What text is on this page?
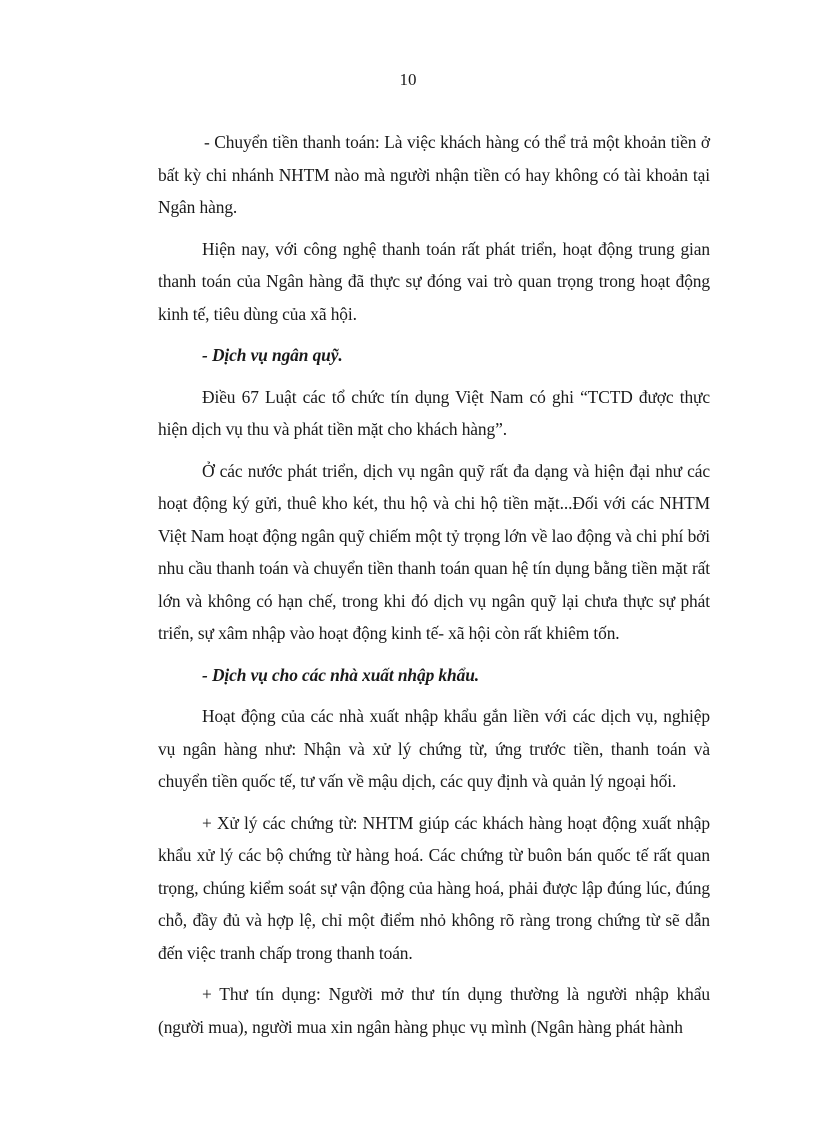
10

- Chuyển tiền thanh toán: Là việc khách hàng có thể trả một khoản tiền ở bất kỳ chi nhánh NHTM nào mà người nhận tiền có hay không có tài khoản tại Ngân hàng.

Hiện nay, với công nghệ thanh toán rất phát triển, hoạt động trung gian thanh toán của Ngân hàng đã thực sự đóng vai trò quan trọng trong hoạt động kinh tế, tiêu dùng của xã hội.

- Dịch vụ ngân quỹ.

Điều 67 Luật các tổ chức tín dụng Việt Nam có ghi “TCTD được thực hiện dịch vụ thu và phát tiền mặt cho khách hàng”.

Ở các nước phát triển, dịch vụ ngân quỹ rất đa dạng và hiện đại như các hoạt động ký gửi, thuê kho két, thu hộ và chi hộ tiền mặt...Đối với các NHTM Việt Nam hoạt động ngân quỹ chiếm một tỷ trọng lớn về lao động và chi phí bởi nhu cầu thanh toán và chuyển tiền thanh toán quan hệ tín dụng bằng tiền mặt rất lớn và không có hạn chế, trong khi đó dịch vụ ngân quỹ lại chưa thực sự phát triển, sự xâm nhập vào hoạt động kinh tế- xã hội còn rất khiêm tốn.

- Dịch vụ cho các nhà xuất nhập khẩu.

Hoạt động của các nhà xuất nhập khẩu gắn liền với các dịch vụ, nghiệp vụ ngân hàng như: Nhận và xử lý chứng từ, ứng trước tiền, thanh toán và chuyển tiền quốc tế, tư vấn về mậu dịch, các quy định và quản lý ngoại hối.

+ Xử lý các chứng từ: NHTM giúp các khách hàng hoạt động xuất nhập khẩu xử lý các bộ chứng từ hàng hoá. Các chứng từ buôn bán quốc tế rất quan trọng, chúng kiểm soát sự vận động của hàng hoá, phải được lập đúng lúc, đúng chỗ, đầy đủ và hợp lệ, chỉ một điểm nhỏ không rõ ràng trong chứng từ sẽ dẫn đến việc tranh chấp trong thanh toán.

+ Thư tín dụng: Người mở thư tín dụng thường là người nhập khẩu (người mua), người mua xin ngân hàng phục vụ mình (Ngân hàng phát hành
